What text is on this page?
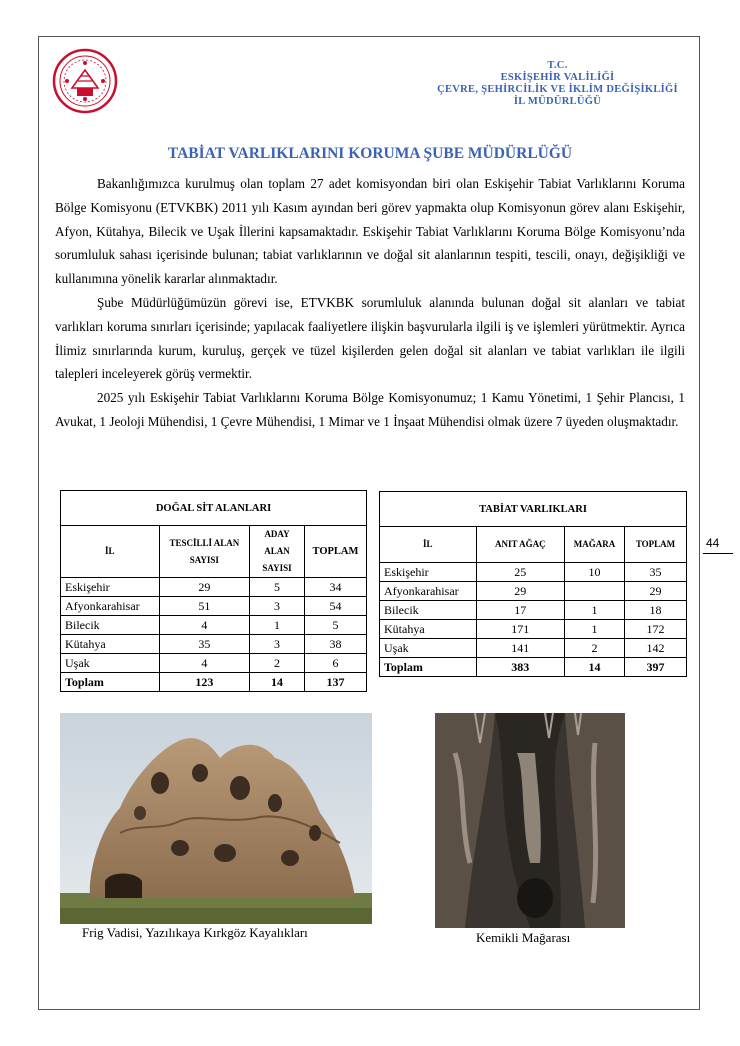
T.C.
ESKİŞEHİR VALİLİĞİ
ÇEVRE, ŞEHİRCİLİK VE İKLİM DEĞİŞİKLİĞİ
İL MÜDÜRLÜĞÜ
TABİAT VARLIKLARINI KORUMA ŞUBE MÜDÜRLÜĞÜ

Bakanlığımızca kurulmuş olan toplam 27 adet komisyondan biri olan Eskişehir Tabiat Varlıklarını Koruma Bölge Komisyonu (ETVKBK) 2011 yılı Kasım ayından beri görev yapmakta olup Komisyonun görev alanı Eskişehir, Afyon, Kütahya, Bilecik ve Uşak İllerini kapsamaktadır. Eskişehir Tabiat Varlıklarını Koruma Bölge Komisyonu’nda sorumluluk sahası içerisinde bulunan; tabiat varlıklarının ve doğal sit alanlarının tespiti, tescili, onayı, değişikliği ve kullanımına yönelik kararlar alınmaktadır.

Şube Müdürlüğümüzün görevi ise, ETVKBK sorumluluk alanında bulunan doğal sit alanları ve tabiat varlıkları koruma sınırları içerisinde; yapılacak faaliyetlere ilişkin başvurularla ilgili iş ve işlemleri yürütmektir. Ayrıca İlimiz sınırlarında kurum, kuruluş, gerçek ve tüzel kişilerden gelen doğal sit alanları ve tabiat varlıkları ile ilgili talepleri inceleyerek görüş vermektir.

2025 yılı Eskişehir Tabiat Varlıklarını Koruma Bölge Komisyonumuz; 1 Kamu Yönetimi, 1 Şehir Plancısı, 1 Avukat, 1 Jeoloji Mühendisi, 1 Çevre Mühendisi, 1 Mimar ve 1 İnşaat Mühendisi olmak üzere 7 üyeden oluşmaktadır.

DOĞAL SİT ALANLARI			
İL	TESCİLLİ ALAN SAYISI	ADAY ALAN SAYISI	TOPLAM
Eskişehir	29	5	34
Afyonkarahisar	51	3	54
Bilecik	4	1	5
Kütahya	35	3	38
Uşak	4	2	6
Toplam	123	14	137
TABİAT VARLIKLARI			
İL	ANIT AĞAÇ	MAĞARA	TOPLAM
Eskişehir	25	10	35
Afyonkarahisar	29		29
Bilecik	17	1	18
Kütahya	171	1	172
Uşak	141	2	142
Toplam	383	14	397
44
Frig Vadisi, Yazılıkaya Kırkgöz Kayalıkları	Kemikli Mağarası
